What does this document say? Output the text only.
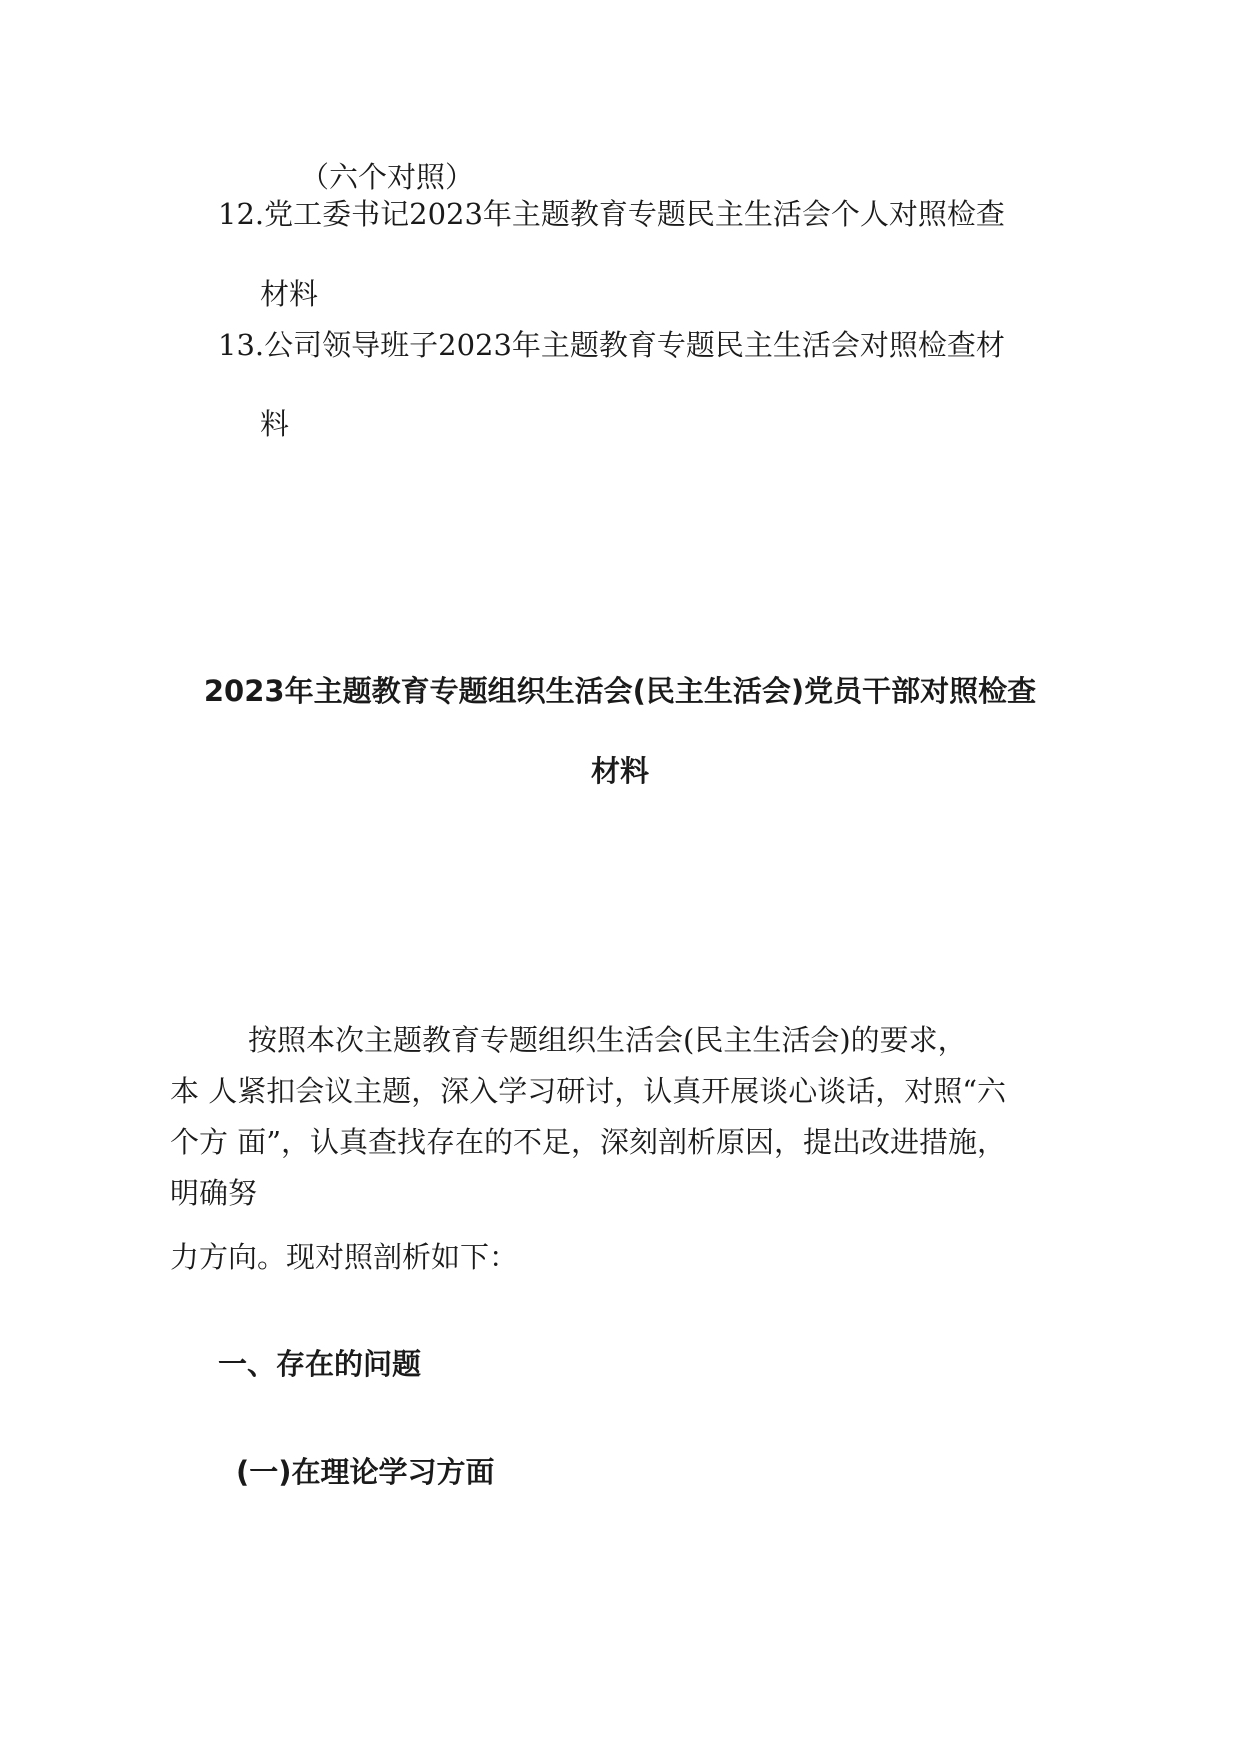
（六个对照）
12.党工委书记2023年主题教育专题民主生活会个人对照检查
材料
13.公司领导班子2023年主题教育专题民主生活会对照检查材
料
2023年主题教育专题组织生活会(民主生活会)党员干部对照检查
材料
按照本次主题教育专题组织生活会(民主生活会)的要求，
本 人紧扣会议主题，深入学习研讨，认真开展谈心谈话，对照“六
个方 面”，认真查找存在的不足，深刻剖析原因，提出改进措施，
明确努
力方向。现对照剖析如下：
一、存在的问题
(一)在理论学习方面
